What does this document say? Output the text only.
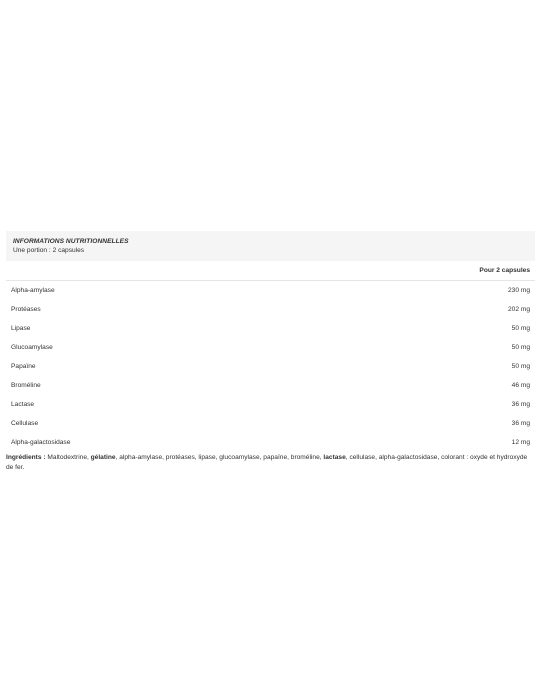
INFORMATIONS NUTRITIONNELLES
Une portion : 2 capsules
Pour 2 capsules
Alpha-amylase	230 mg
Protéases	202 mg
Lipase	50 mg
Glucoamylase	50 mg
Papaïne	50 mg
Broméline	46 mg
Lactase	36 mg
Cellulase	36 mg
Alpha-galactosidase	12 mg
Ingrédients : Maltodextrine, gélatine, alpha-amylase, protéases, lipase, glucoamylase, papaïne, broméline, lactase, cellulase, alpha-galactosidase, colorant : oxyde et hydroxyde de fer.
